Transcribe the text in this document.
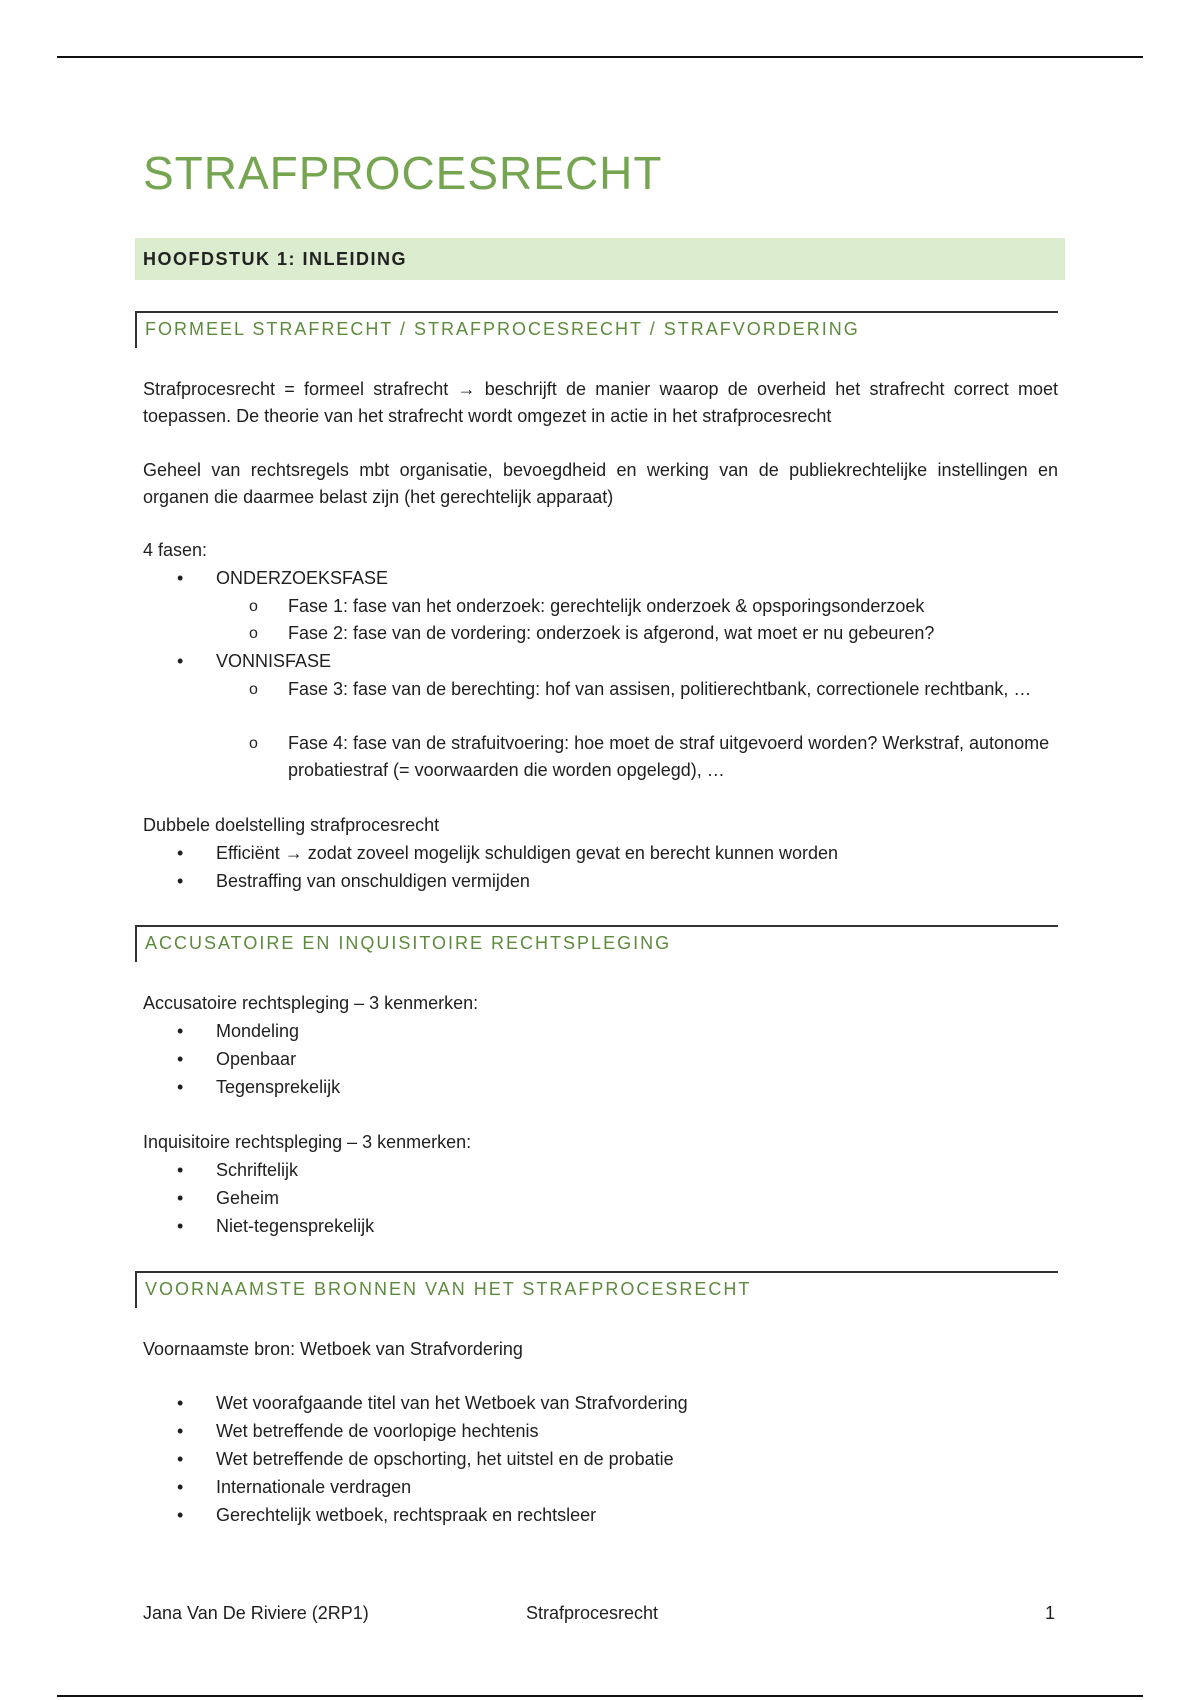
STRAFPROCESRECHT
HOOFDSTUK 1: INLEIDING
FORMEEL STRAFRECHT / STRAFPROCESRECHT / STRAFVORDERING

Strafprocesrecht = formeel strafrecht → beschrijft de manier waarop de overheid het strafrecht correct moet toepassen. De theorie van het strafrecht wordt omgezet in actie in het strafprocesrecht

Geheel van rechtsregels mbt organisatie, bevoegdheid en werking van de publiekrechtelijke instellingen en organen die daarmee belast zijn (het gerechtelijk apparaat)

4 fasen:

ONDERZOEKSFASE
Fase 1: fase van het onderzoek: gerechtelijk onderzoek & opsporingsonderzoek
Fase 2: fase van de vordering: onderzoek is afgerond, wat moet er nu gebeuren?
VONNISFASE
Fase 3: fase van de berechting: hof van assisen, politierechtbank, correctionele rechtbank, …
Fase 4: fase van de strafuitvoering: hoe moet de straf uitgevoerd worden? Werkstraf, autonome probatiestraf (= voorwaarden die worden opgelegd), …

Dubbele doelstelling strafprocesrecht

Efficiënt → zodat zoveel mogelijk schuldigen gevat en berecht kunnen worden
Bestraffing van onschuldigen vermijden
ACCUSATOIRE EN INQUISITOIRE RECHTSPLEGING

Accusatoire rechtspleging – 3 kenmerken:

Mondeling
Openbaar
Tegensprekelijk

Inquisitoire rechtspleging – 3 kenmerken:

Schriftelijk
Geheim
Niet-tegensprekelijk
VOORNAAMSTE BRONNEN VAN HET STRAFPROCESRECHT

Voornaamste bron: Wetboek van Strafvordering

Wet voorafgaande titel van het Wetboek van Strafvordering
Wet betreffende de voorlopige hechtenis
Wet betreffende de opschorting, het uitstel en de probatie
Internationale verdragen
Gerechtelijk wetboek, rechtspraak en rechtsleer
Jana Van De Riviere (2RP1)	Strafprocesrecht	1
